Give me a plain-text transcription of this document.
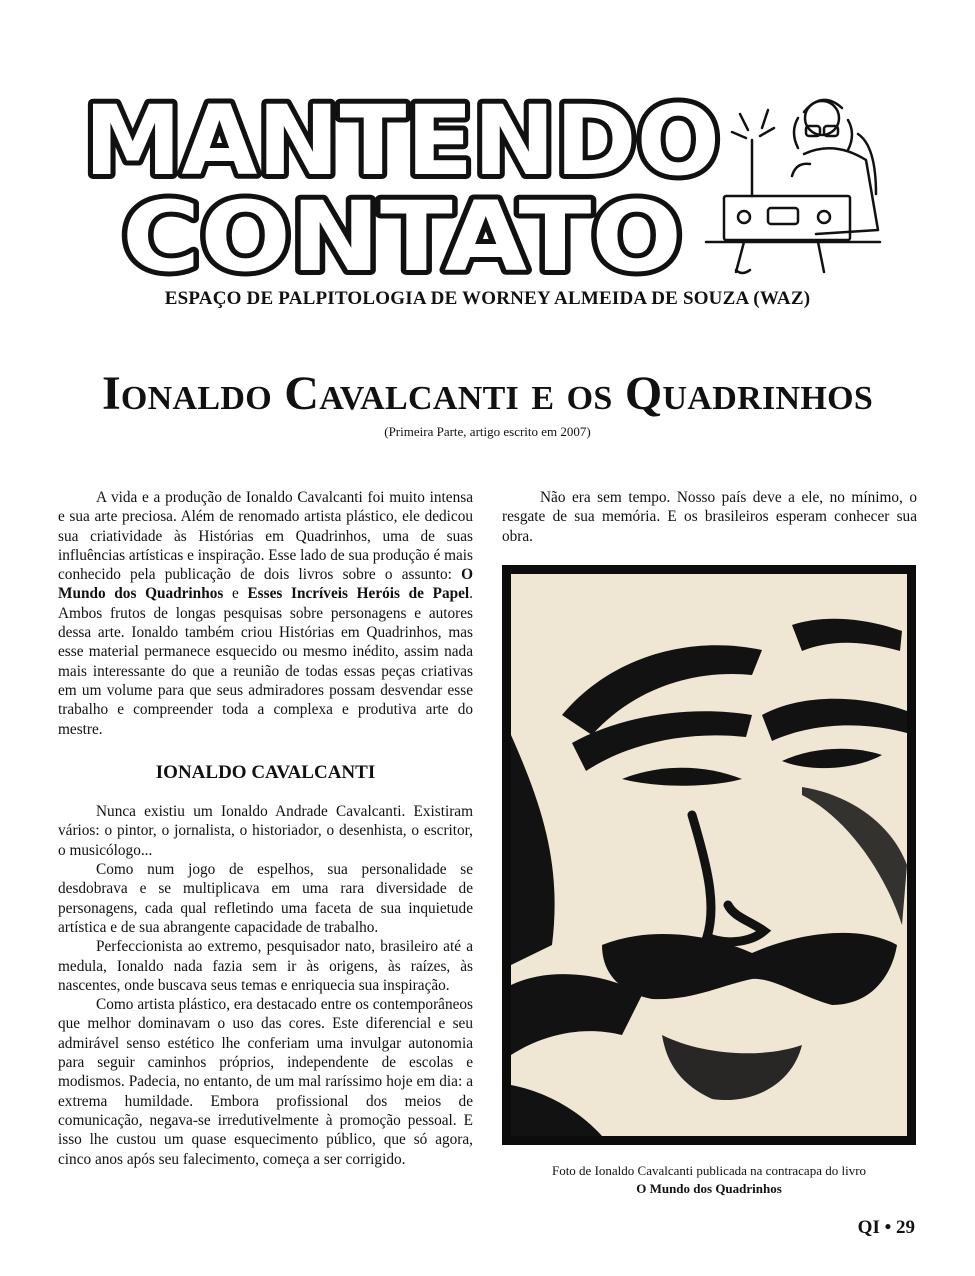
MANTENDO
CONTATO
ESPAÇO DE PALPITOLOGIA DE WORNEY ALMEIDA DE SOUZA (WAZ)
Ionaldo Cavalcanti e os Quadrinhos
(Primeira Parte, artigo escrito em 2007)

A vida e a produção de Ionaldo Cavalcanti foi muito intensa e sua arte preciosa. Além de renomado artista plástico, ele dedicou sua criatividade às Histórias em Quadrinhos, uma de suas influências artísticas e inspiração. Esse lado de sua produção é mais conhecido pela publicação de dois livros sobre o assunto: O Mundo dos Quadrinhos e Esses Incríveis Heróis de Papel. Ambos frutos de longas pesquisas sobre personagens e autores dessa arte. Ionaldo também criou Histórias em Quadrinhos, mas esse material permanece esquecido ou mesmo inédito, assim nada mais interessante do que a reunião de todas essas peças criativas em um volume para que seus admiradores possam desvendar esse trabalho e compreender toda a complexa e produtiva arte do mestre.

IONALDO CAVALCANTI

Nunca existiu um Ionaldo Andrade Cavalcanti. Existiram vários: o pintor, o jornalista, o historiador, o desenhista, o escritor, o musicólogo...

Como num jogo de espelhos, sua personalidade se desdobrava e se multiplicava em uma rara diversidade de personagens, cada qual refletindo uma faceta de sua inquietude artística e de sua abrangente capacidade de trabalho.

Perfeccionista ao extremo, pesquisador nato, brasileiro até a medula, Ionaldo nada fazia sem ir às origens, às raízes, às nascentes, onde buscava seus temas e enriquecia sua inspiração.

Como artista plástico, era destacado entre os contemporâneos que melhor dominavam o uso das cores. Este diferencial e seu admirável senso estético lhe conferiam uma invulgar autonomia para seguir caminhos próprios, independente de escolas e modismos. Padecia, no entanto, de um mal raríssimo hoje em dia: a extrema humildade. Embora profissional dos meios de comunicação, negava-se irredutivelmente à promoção pessoal. E isso lhe custou um quase esquecimento público, que só agora, cinco anos após seu falecimento, começa a ser corrigido.

Não era sem tempo. Nosso país deve a ele, no mínimo, o resgate de sua memória. E os brasileiros esperam conhecer sua obra.

Foto de Ionaldo Cavalcanti publicada na contracapa do livro
O Mundo dos Quadrinhos
QI • 29
